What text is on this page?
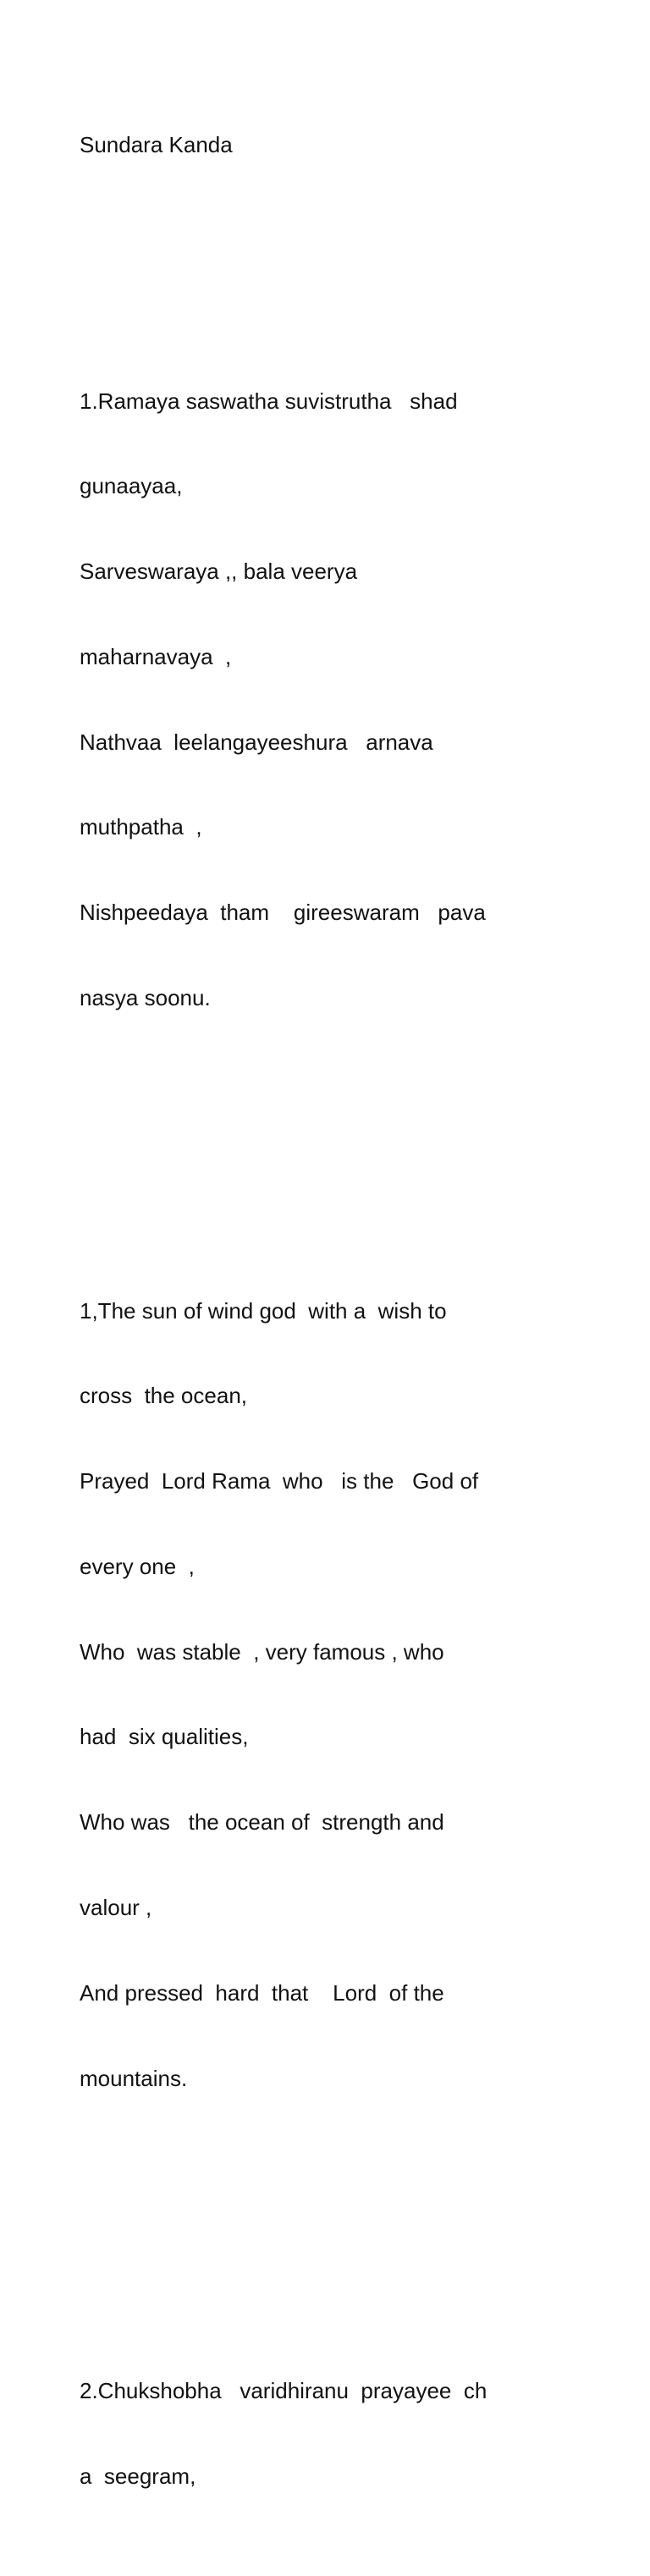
Sundara Kanda

1.Ramaya saswatha suvistrutha   shad

gunaayaa,

Sarveswaraya ,, bala veerya

maharnavaya  ,

Nathvaa  leelangayeeshura   arnava

muthpatha  ,

Nishpeedaya  tham    gireeswaram   pava

nasya soonu.

1,The sun of wind god  with a  wish to

cross  the ocean,

Prayed  Lord Rama  who   is the   God of

every one  ,

Who  was stable  , very famous , who

had  six qualities,

Who was   the ocean of  strength and

valour ,

And pressed  hard  that    Lord  of the

mountains.

2.Chukshobha   varidhiranu  prayayee  ch

a  seegram,
